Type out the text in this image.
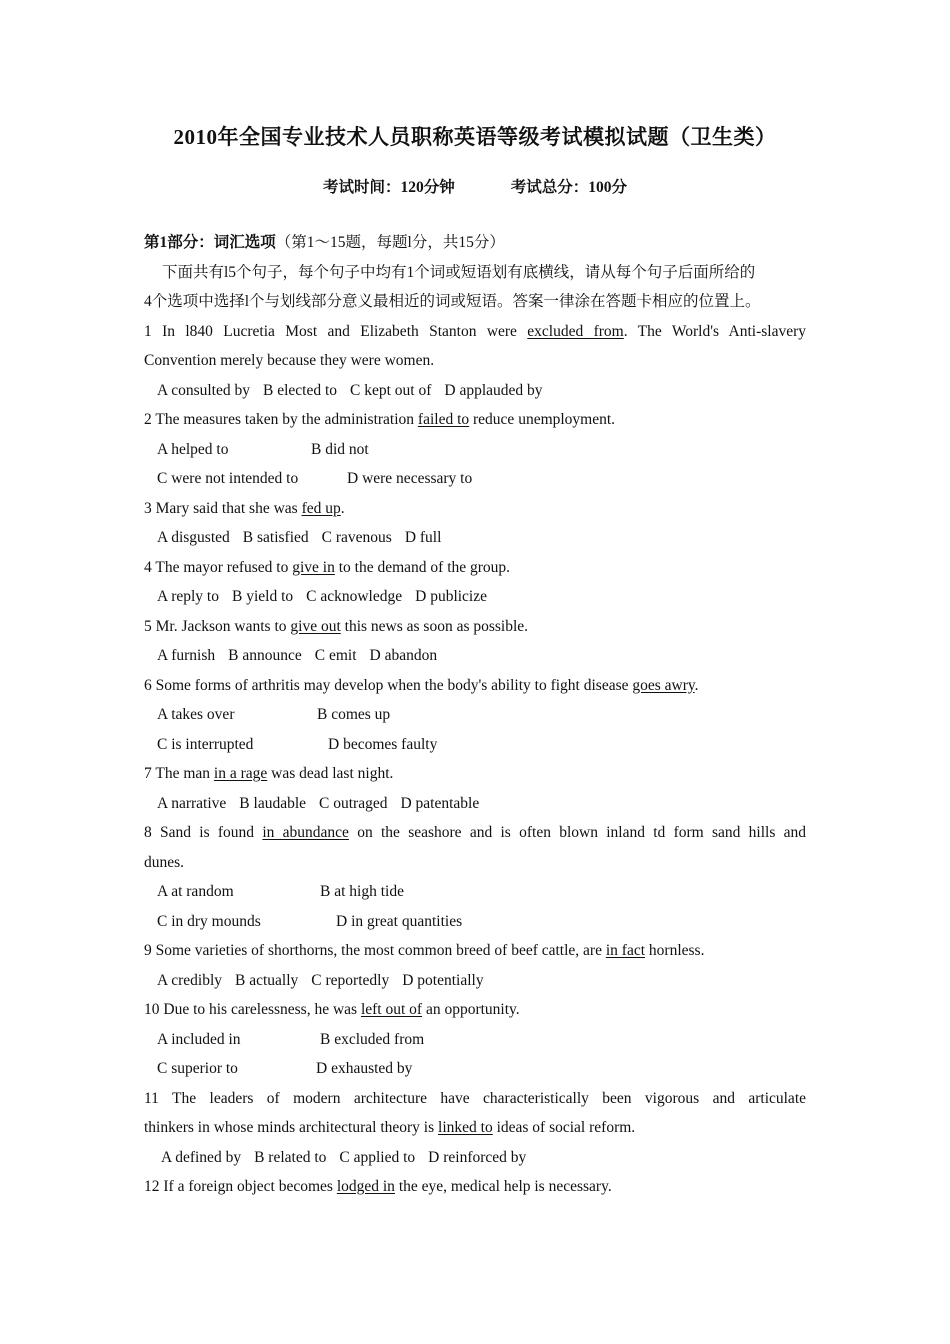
2010年全国专业技术人员职称英语等级考试模拟试题（卫生类）
考试时间：120分钟	考试总分：100分
第1部分：词汇选项（第1～15题，每题l分，共15分）
下面共有l5个句子，每个句子中均有1个词或短语划有底横线，请从每个句子后面所给的
4个选项中选择l个与划线部分意义最相近的词或短语。答案一律涂在答题卡相应的位置上。
1 In l840 Lucretia Most and Elizabeth Stanton were excluded from. The World's Anti-slavery
Convention merely because they were women.
A consulted by B elected to C kept out of D applauded by
2 The measures taken by the administration failed to reduce unemployment.
A helped to	B did not
C were not intended to	D were necessary to
3 Mary said that she was fed up.
A disgusted B satisfied C ravenous D full
4 The mayor refused to give in to the demand of the group.
A reply to B yield to C acknowledge D publicize
5 Mr. Jackson wants to give out this news as soon as possible.
A furnish B announce C emit D abandon
6 Some forms of arthritis may develop when the body's ability to fight disease goes awry.
A takes over	B comes up
C is interrupted	D becomes faulty
7 The man in a rage was dead last night.
A narrative B laudable C outraged D patentable
8 Sand is found in abundance on the seashore and is often blown inland td form sand hills and
dunes.
A at random	B at high tide
C in dry mounds	D in great quantities
9 Some varieties of shorthorns, the most common breed of beef cattle, are in fact hornless.
A credibly B actually C reportedly D potentially
10 Due to his carelessness, he was left out of an opportunity.
A included in	B excluded from
C superior to	D exhausted by
11 The leaders of modern architecture have characteristically been vigorous and articulate
thinkers in whose minds architectural theory is linked to ideas of social reform.
A defined by B related to C applied to D reinforced by
12 If a foreign object becomes lodged in the eye, medical help is necessary.
